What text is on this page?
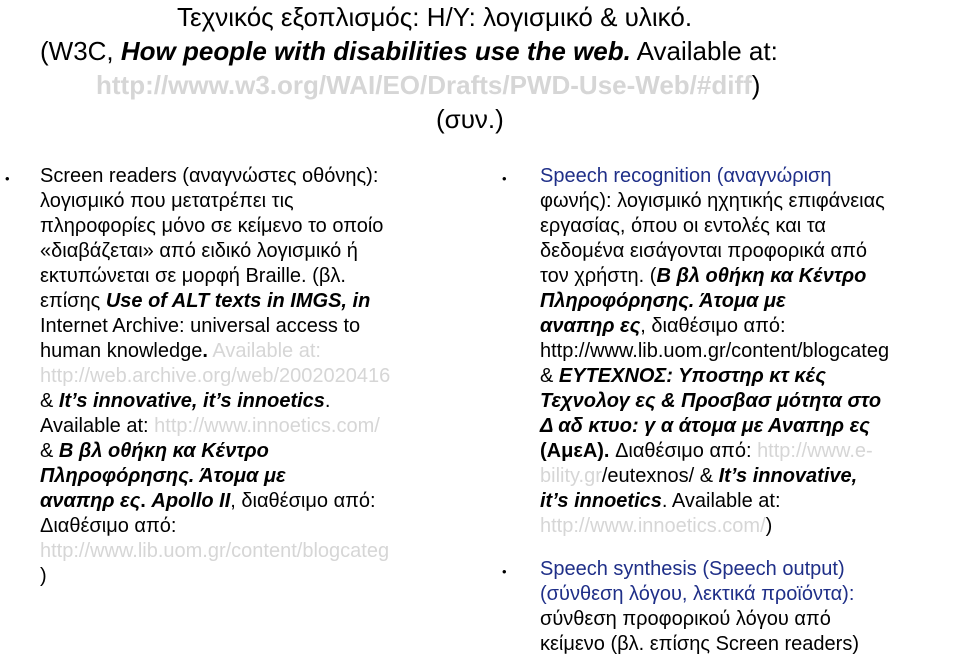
Τεχνικός εξοπλισμός: Η/Υ: λογισμικό & υλικό.
(W3C, How people with disabilities use the web. Available at:
http://www.w3.org/WAI/EO/Drafts/PWD-Use-Web/#diff)
(συν.)
• Screen readers (αναγνώστες οθόνης):
λογισμικό που μετατρέπει τις
πληροφορίες μόνο σε κείμενο το οποίο
«διαβάζεται» από ειδικό λογισμικό ή
εκτυπώνεται σε μορφή Braille. (βλ.
επίσης Use of ALT texts in IMGS, in
Internet Archive: universal access to
human knowledge. Available at:
http://web.archive.org/web/2002020416
& It’s innovative, it’s innoetics.
Available at: http://www.innoetics.com/
& Β βλ οθήκη κα Κέντρο
Πληροφόρησης. Άτομα με
αναπηρ ες. Apollo II, διαθέσιμο από:
Διαθέσιμο από:
http://www.lib.uom.gr/content/blogcateg
)
•
•
Speech recognition (αναγνώριση
φωνής): λογισμικό ηχητικής επιφάνειας
εργασίας, όπου οι εντολές και τα
δεδομένα εισάγονται προφορικά από
τον χρήστη. (Β βλ οθήκη κα Κέντρο
Πληροφόρησης. Άτομα με
αναπηρ ες, διαθέσιμο από:
http://www.lib.uom.gr/content/blogcateg
& ΕΥΤΕΧΝΟΣ: Υποστηρ κτ κές
Τεχνολογ ες & Προσβασ μότητα στο
Δ αδ κτυο: γ α άτομα με Αναπηρ ες
(ΑμεΑ). Διαθέσιμο από: http://www.e-
bility.gr/eutexnos/ & It’s innovative,
it’s innoetics. Available at:
http://www.innoetics.com/)
Speech synthesis (Speech output)
(σύνθεση λόγου, λεκτικά προϊόντα):
σύνθεση προφορικού λόγου από
κείμενο (βλ. επίσης Screen readers)
